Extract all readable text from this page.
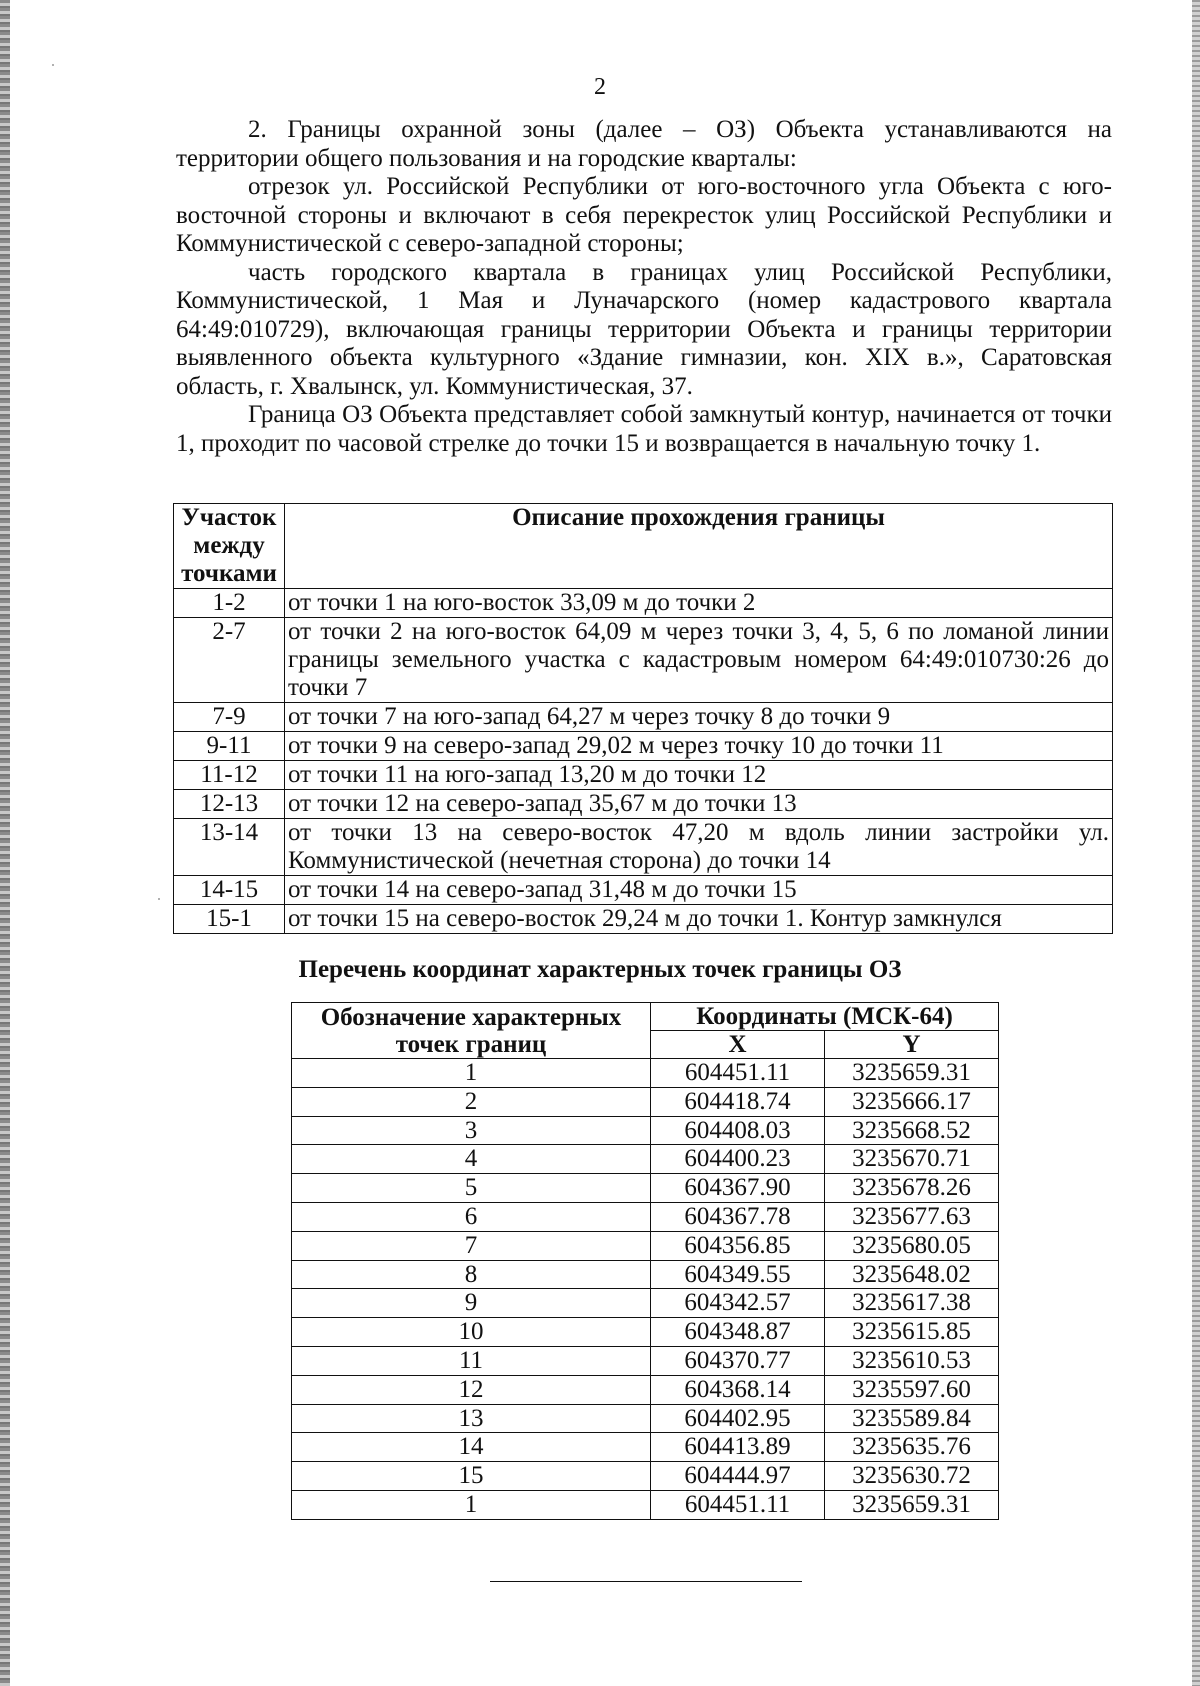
2

2. Границы охранной зоны (далее – ОЗ) Объекта устанавливаются на территории общего пользования и на городские кварталы:

отрезок ул. Российской Республики от юго-восточного угла Объекта с юго-восточной стороны и включают в себя перекресток улиц Российской Республики и Коммунистической с северо-западной стороны;

часть городского квартала в границах улиц Российской Республики, Коммунистической, 1 Мая и Луначарского (номер кадастрового квартала 64:49:010729), включающая границы территории Объекта и границы территории выявленного объекта культурного «Здание гимназии, кон. XIX в.», Саратовская область, г. Хвалынск, ул. Коммунистическая, 37.

Граница ОЗ Объекта представляет собой замкнутый контур, начинается от точки 1, проходит по часовой стрелке до точки 15 и возвращается в начальную точку 1.

Участок между точками	Описание прохождения границы
1-2	от точки 1 на юго-восток 33,09 м до точки 2
2-7	от точки 2 на юго-восток 64,09 м через точки 3, 4, 5, 6 по ломаной линии границы земельного участка с кадастровым номером 64:49:010730:26 до точки 7
7-9	от точки 7 на юго-запад 64,27 м через точку 8 до точки 9
9-11	от точки 9 на северо-запад 29,02 м через точку 10 до точки 11
11-12	от точки 11 на юго-запад 13,20 м до точки 12
12-13	от точки 12 на северо-запад 35,67 м до точки 13
13-14	от точки 13 на северо-восток 47,20 м вдоль линии застройки ул. Коммунистической (нечетная сторона) до точки 14
14-15	от точки 14 на северо-запад 31,48 м до точки 15
15-1	от точки 15 на северо-восток 29,24 м до точки 1. Контур замкнулся
Перечень координат характерных точек границы ОЗ
Обозначение характерных точек границ	Координаты (МСК-64)	
	X	Y
1	604451.11	3235659.31
2	604418.74	3235666.17
3	604408.03	3235668.52
4	604400.23	3235670.71
5	604367.90	3235678.26
6	604367.78	3235677.63
7	604356.85	3235680.05
8	604349.55	3235648.02
9	604342.57	3235617.38
10	604348.87	3235615.85
11	604370.77	3235610.53
12	604368.14	3235597.60
13	604402.95	3235589.84
14	604413.89	3235635.76
15	604444.97	3235630.72
1	604451.11	3235659.31
